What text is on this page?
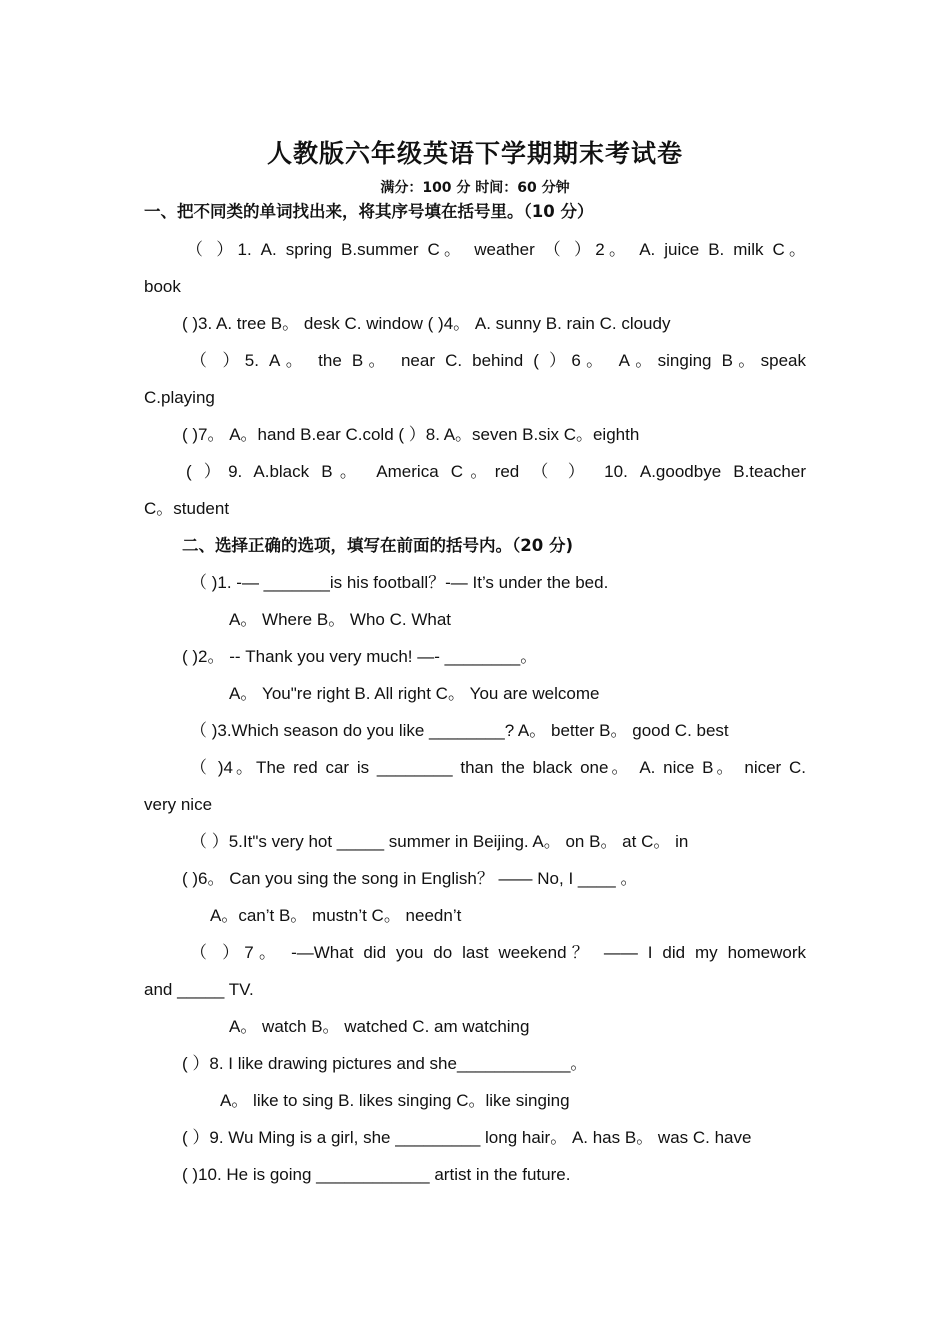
人教版六年级英语下学期期末考试卷
满分：100 分 时间：60 分钟
一、把不同类的单词找出来，将其序号填在括号里。（10 分）
（ ）1. A. spring B.summer C。 weather （ ）2。 A. juice B. milk C。
book
( )3. A. tree B。 desk C. window ( )4。 A. sunny B. rain C. cloudy
（ ）5. A。 the B。 near C. behind ( ）6。 A。singing B。speak
C.playing
( )7。 A。hand B.ear C.cold ( ）8. A。seven B.six C。eighth
( ）9. A.black B。 America C。red （ ） 10. A.goodbye B.teacher
C。student
二、选择正确的选项，填写在前面的括号内。（20 分)
（ )1. -— _______is his football？-— It’s under the bed.
A。 Where B。 Who C. What
( )2。 -- Thank you very much! —- ________。
A。 You"re right B. All right C。 You are welcome
（ )3.Which season do you like ________? A。 better B。 good C. best
（ )4。The red car is ________ than the black one。 A. nice B。 nicer C.
very nice
（ ）5.It"s very hot _____ summer in Beijing. A。 on B。 at C。 in
( )6。 Can you sing the song in English？ —— No, I ____ 。
A。can’t B。 mustn’t C。 needn’t
（ ）7。 -—What did you do last weekend？ —— I did my homework
and _____ TV.
A。 watch B。 watched C. am watching
( ）8. I like drawing pictures and she____________。
A。 like to sing B. likes singing C。like singing
( ）9. Wu Ming is a girl, she _________ long hair。 A. has B。 was C. have
( )10. He is going ____________ artist in the future.
